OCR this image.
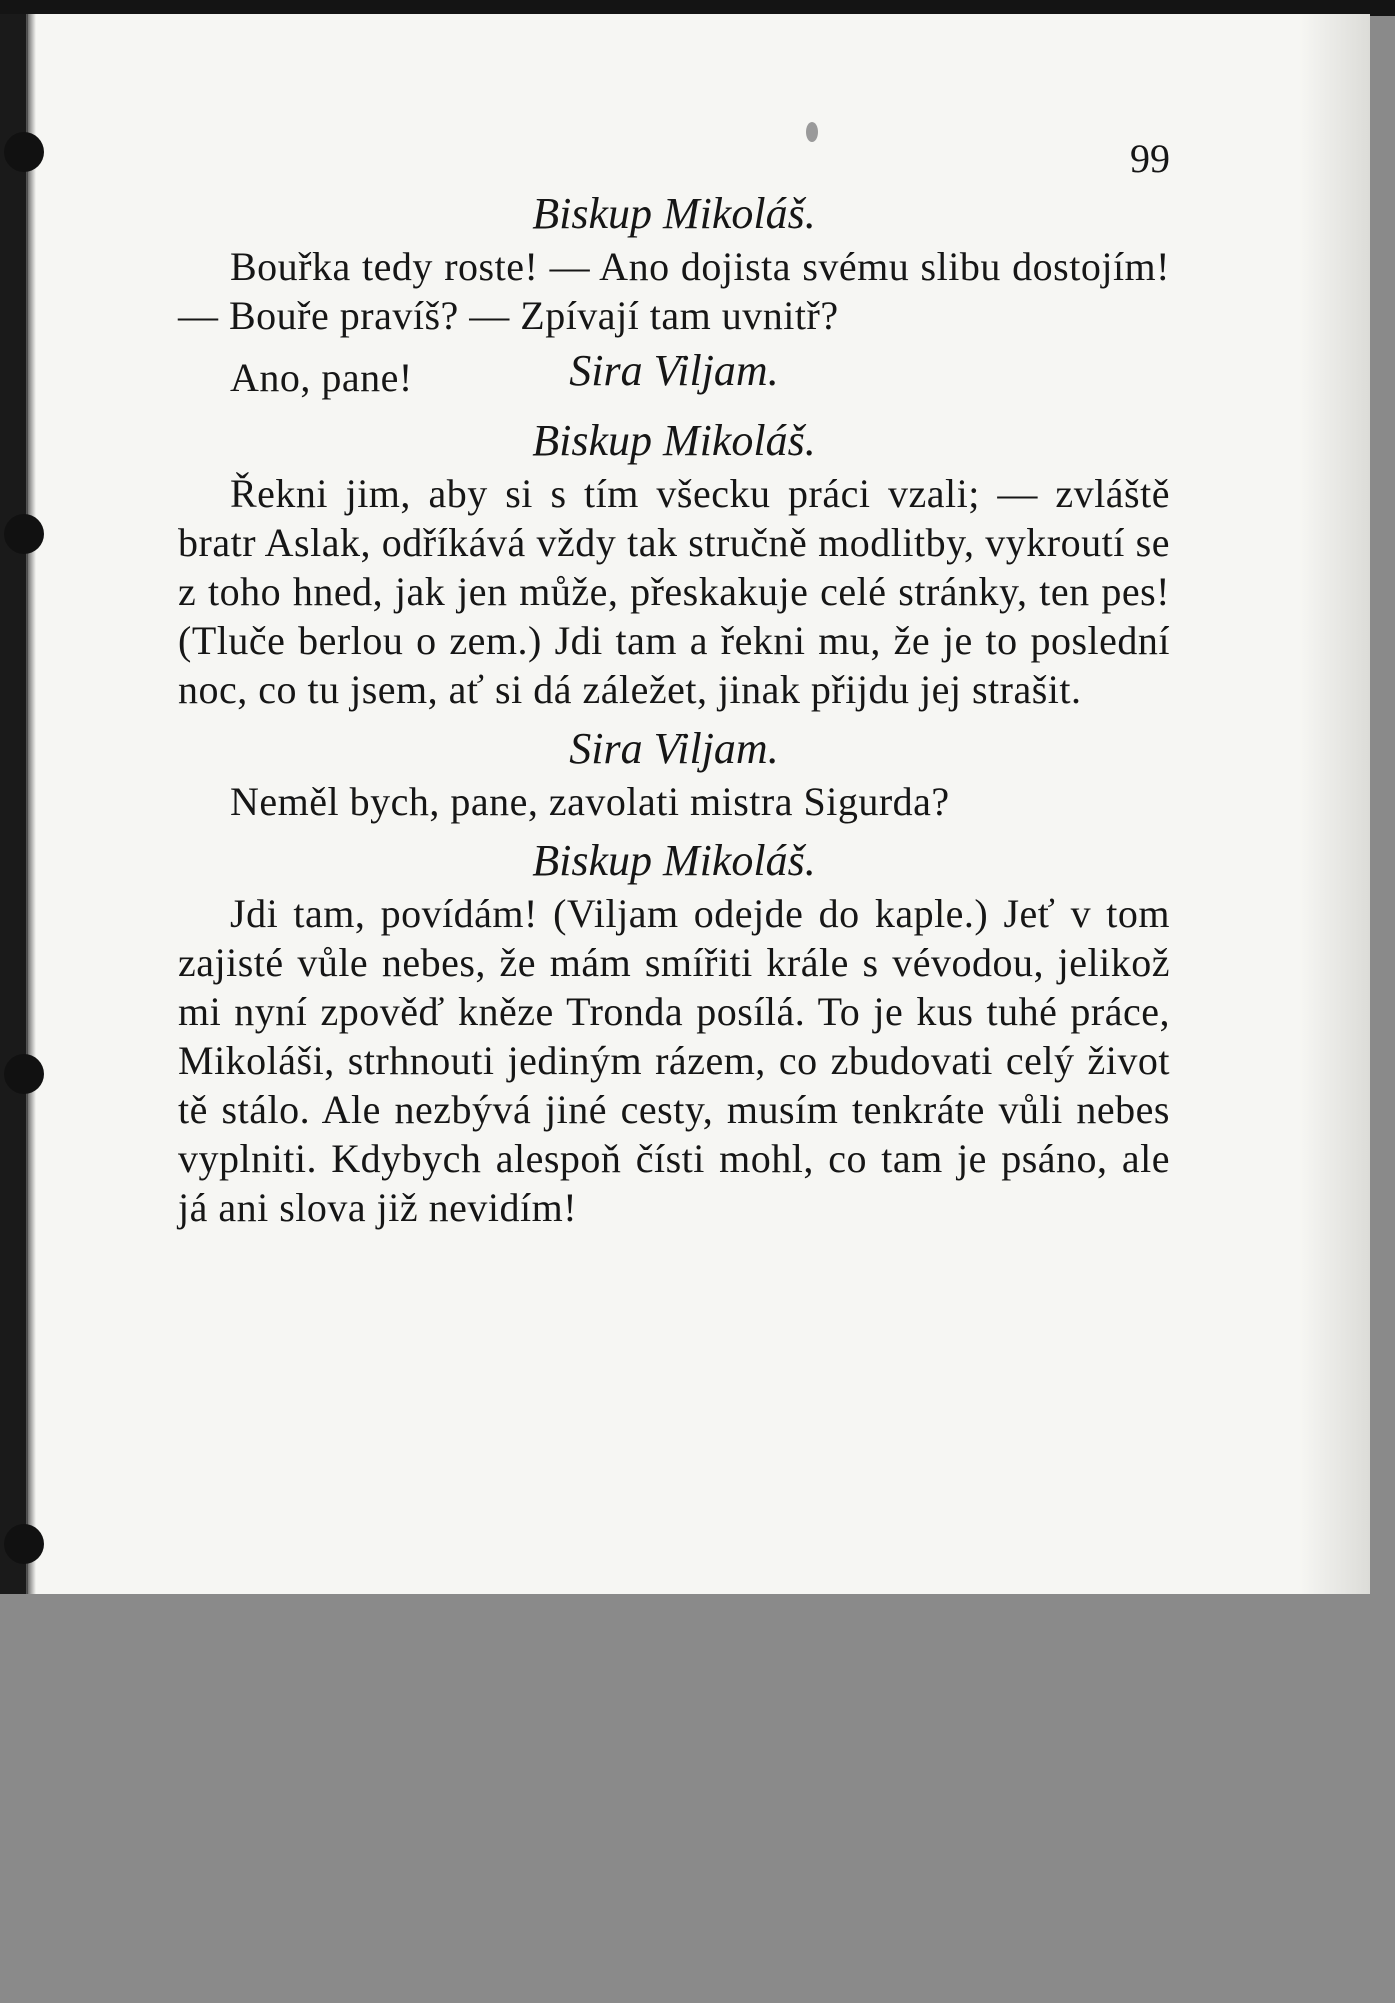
99
Biskup Mikoláš.

Bouřka tedy roste! — Ano dojista svému slibu dostojím! — Bouře pravíš? — Zpívají tam uvnitř?

Sira Viljam.

Ano, pane!

Biskup Mikoláš.

Řekni jim, aby si s tím všecku práci vzali; — zvláště bratr Aslak, odříkává vždy tak stručně modlitby, vykroutí se z toho hned, jak jen může, přeskakuje celé stránky, ten pes! (Tluče berlou o zem.) Jdi tam a řekni mu, že je to poslední noc, co tu jsem, ať si dá záležet, jinak přijdu jej strašit.

Sira Viljam.

Neměl bych, pane, zavolati mistra Sigurda?

Biskup Mikoláš.

Jdi tam, povídám! (Viljam odejde do kaple.) Jeť v tom zajisté vůle nebes, že mám smířiti krále s vévodou, jelikož mi nyní zpověď kněze Tronda posílá. To je kus tuhé práce, Mikoláši, strhnouti jediným rázem, co zbudovati celý život tě stálo. Ale nezbývá jiné cesty, musím tenkráte vůli nebes vyplniti. Kdybych alespoň čísti mohl, co tam je psáno, ale já ani slova již nevidím!
